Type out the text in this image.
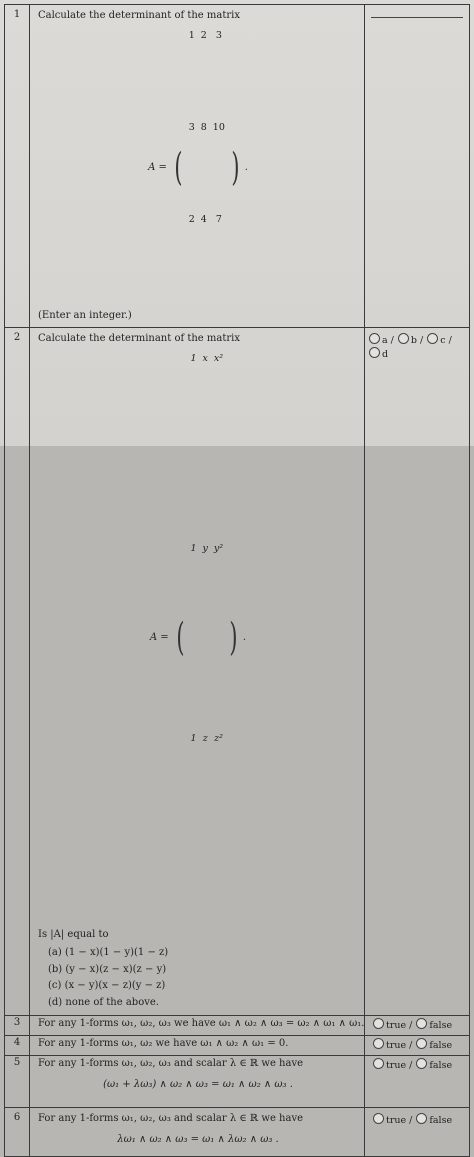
1	Calculate the determinant of the matrix

A = (
1	2	3
3	8	10
2	4	7
) .

(Enter an integer.)

2	Calculate the determinant of the matrix

A = (
1	x	x²
1	y	y²
1	z	z²
) .

Is |A| equal to

(a) (1 − x)(1 − y)(1 − z)

(b) (y − x)(z − x)(z − y)

(c) (x − y)(x − z)(y − z)

(d) none of the above.

a / b / c /
d

3	For any 1-forms ω₁, ω₂, ω₃ we have ω₁ ∧ ω₂ ∧ ω₃ = ω₂ ∧ ω₁ ∧ ω₁.	true / false

4	For any 1-forms ω₁, ω₂ we have ω₁ ∧ ω₂ ∧ ω₁ = 0.	true / false

5	For any 1-forms ω₁, ω₂, ω₃ and scalar λ ∈ ℝ we have

(ω₁ + λω₃) ∧ ω₂ ∧ ω₃ = ω₁ ∧ ω₂ ∧ ω₃ .

true / false

6	For any 1-forms ω₁, ω₂, ω₃ and scalar λ ∈ ℝ we have

λω₁ ∧ ω₂ ∧ ω₃ = ω₁ ∧ λω₂ ∧ ω₃ .

true / false
